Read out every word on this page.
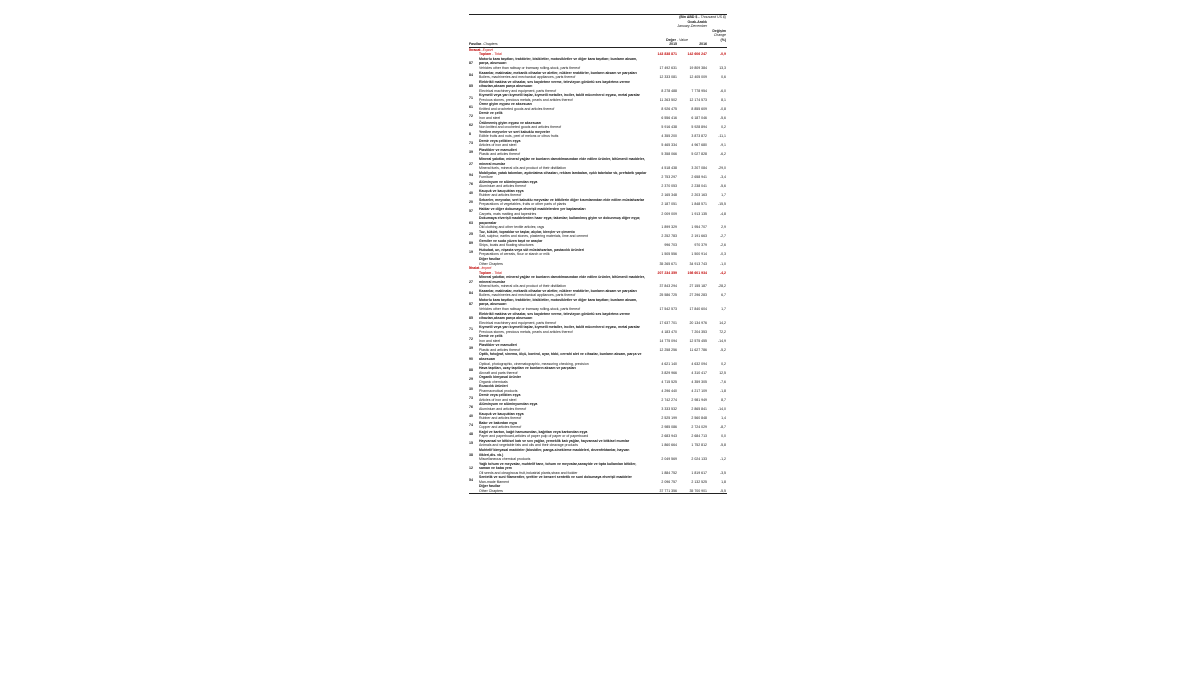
(Bin ABD $ - Thousand US $)
Ocak-Aralık
January-December
Değişim
Change
Değer - Value	(%)
Fasıllar- Chapters	2015	2016
İhracat- Export
Toplam - Total	143 838 871	142 606 247	-0,9
87
Motorlu kara taşıtları, traktörler, bisikletler, motosikletler ve diğer kara taşıtları; bunların aksam, parça, aksesuarı
Vehicles other than railway or tramway rolling-stock, parts thereof	17 492 631	19 809 384	13,3
84
Kazanlar, makinalar, mekanik cihazlar ve aletler, nükleer reaktörler, bunların aksam ve parçaları
Boilers, machineries and mechanical appliances, parts thereof	12 333 081	12 405 009	0,6
85
Elektrikli makina ve cihazlar, ses kaydetme verme, televizyon görüntü ses kaydetme-verme cihazları,aksam parça aksesuarı
Electrical machinery and equipment, parts thereof	8 278 488	7 778 954	-6,0
71
Kıymetli veya yarı kıymetli taşlar, kıymetli metaller, inciler, taklit mücevherci eşyası, metal paralar
Precious stones, precious metals, pearls and articles thereof	11 263 502	12 174 573	8,1
61
Örme giyim eşyası ve aksesuarı
Knitted and crocheted goods and articles thereof	8 926 475	8 855 609	-0,8
72
Demir ve çelik
Iron and steel	6 556 416	6 187 046	-5,6
62
Örülmemiş giyim eşyası ve aksesuarı
Non knitted and crocheted goods and articles thereof	5 916 438	5 928 894	0,2
8
Yenilen meyveler ve sert kabuklu meyveler
Edible fruits and nuts, peel of melons or citrus fruits	4 355 200	3 873 872	-11,1
73
Demir veya çelikten eşya
Articles of iron and steel	5 465 334	4 967 680	-9,1
39
Plastikler ve mamulleri
Plastic and articles thereof	5 358 066	5 027 828	-6,2
27
Mineral yakıtlar, mineral yağlar ve bunların damıtılmasından elde edilen ürünler, bitümenli maddeler, mineral mumlar
Mineral fuels, mineral oils and product of their distillation	4 518 438	3 207 084	-29,0
94
Mobilyalar, yatak takımları, aydınlatma cihazları, reklam lambaları, ışıklı tabelalar vb, prefabrik yapılar
Furniture	2 753 297	2 658 941	-3,4
76
Alüminyum ve alüminyumdan eşya
Aluminium and articles thereof	2 370 053	2 238 041	-5,6
40
Kauçuk ve kauçuktan eşya
Rubber and articles thereof	2 165 348	2 203 163	1,7
20
Sebzeler, meyvalar, sert kabuklu meyvalar ve bitkilerin diğer kısımlarından elde edilen müstahzarlar
Preparations of vegetables, fruits or other parts of plants	2 187 051	1 848 571	-15,5
57
Halılar ve diğer dokumaya elverişli maddelerden yer kaplamaları
Carpets, mats matting and tapestries	2 009 009	1 913 135	-4,8
63
Dokumaya elverişli maddelerden hazır eşya; takımlar; kullanılmış giyim ve dokunmuş diğer eşya; paçavralar
Old clothing and other textile articles; rags	1 899 329	1 954 707	2,9
25
Tuz, kükürt, topraklar ve taşlar, alçılar, kireçler ve çimento
Salt, sulphur, earths and stones, plastering materials, lime and cement	2 252 783	2 191 663	-2,7
89
Gemiler ve suda yüzen taşıt ve araçlar
Ships, boats and floating structures	996 703	970 379	-2,6
19
Hububat, un, nişasta veya süt müstahzarları, pastacılık ürünleri
Preparations of cereals, flour or starch or milk	1 505 556	1 500 914	-0,3
Diğer fasıllar
Other Chapters	35 265 671	34 913 743	-1,0
İthalat- Import
Toplam - Total	207 234 359	198 601 934	-4,2
27
Mineral yakıtlar, mineral yağlar ve bunların damıtılmasından elde edilen ürünler, bitümenli maddeler, mineral mumlar
Mineral fuels, mineral oils and product of their distillation	37 843 294	27 155 187	-28,2
84
Kazanlar, makinalar, mekanik cihazlar ve aletler, nükleer reaktörler, bunların aksam ve parçaları
Boilers, machineries and mechanical appliances, parts thereof	25 586 725	27 296 283	6,7
87
Motorlu kara taşıtları, traktörler, bisikletler, motosikletler ve diğer kara taşıtları; bunların aksam, parça, aksesuarı
Vehicles other than railway or tramway rolling-stock, parts thereof	17 542 573	17 840 604	1,7
85
Elektrikli makina ve cihazlar, ses kaydetme verme, televizyon görüntü ses kaydetme-verme cihazları,aksam parça aksesuarı
Electrical machinery and equipment, parts thereof	17 637 701	20 134 976	14,2
71
Kıymetli veya yarı kıymetli taşlar, kıymetli metaller, inciler, taklit mücevherci eşyası, metal paralar
Precious stones, precious metals, pearls and articles thereof	4 183 470	7 204 353	72,2
72
Demir ve çelik
Iron and steel	14 775 094	12 575 455	-14,9
39
Plastikler ve mamulleri
Plastic and articles thereof	12 258 256	11 627 786	-5,2
90
Optik, fotoğraf, sinema, ölçü, kontrol, ayar, tıbbi, cerrahi alet ve cihazlar, bunların aksam, parça ve aksesuarı
Optical, photographic, cinematographic, measuring checking, precision	4 621 140	4 632 094	0,2
88
Hava taşıtları, uzay taşıtları ve bunların aksam ve parçaları
Aircraft and parts thereof	3 829 966	4 310 417	12,5
29
Organik kimyasal ürünler
Organic chemicals	4 715 525	4 359 305	-7,6
30
Eczacılık ürünleri
Pharmaceutical products	4 296 440	4 217 109	-1,8
73
Demir veya çelikten eşya
Articles of iron and steel	2 742 274	2 981 949	8,7
76
Alüminyum ve alüminyumdan eşya
Aluminium and articles thereof	3 333 532	2 865 841	-14,0
40
Kauçuk ve kauçuktan eşya
Rubber and articles thereof	2 525 199	2 560 848	1,4
74
Bakır ve bakırdan eşya
Copper and articles thereof	2 985 086	2 724 029	-8,7
48
Kağıt ve karton, kağıt hamurundan, kağıttan veya kartondan eşya
Paper and paperboard,articles of paper pulp of paper or of paperboard	2 683 943	2 684 713	0,0
15
Hayvansal ve bitkisel katı ve sıvı yağlar, yemeklik katı yağlar, hayvansal ve bitkisel mumlar
Animals and vegetable fats and oils and their cleavage products	1 860 664	1 752 812	-5,8
38
Muhtelif kimyasal maddeler (biosidler, panga-sinekleme maddeleri, dezenfektanlar, hayvan ilikleri,dis. vb.)
Miscellaneous chemical products	2 049 569	2 024 133	-1,2
12
Yağlı tohum ve meyvalar, muhtelif tane, tohum ve meyvalar,sanayide ve tıpta kullanılan bitkiler, saman ve kaba yem
Oil seeds and oleaginous fruit,industrial plants,straw and fodder	1 884 752	1 819 617	-3,5
54
Sentetik ve suni filamentler, şeritler ve benzeri sentetik ve suni dokumaya elverişli maddeler
Man-made filament	2 096 757	2 132 525	1,8
Diğer fasıllar
Other Chapters	37 771 356	35 700 901	-5,5
